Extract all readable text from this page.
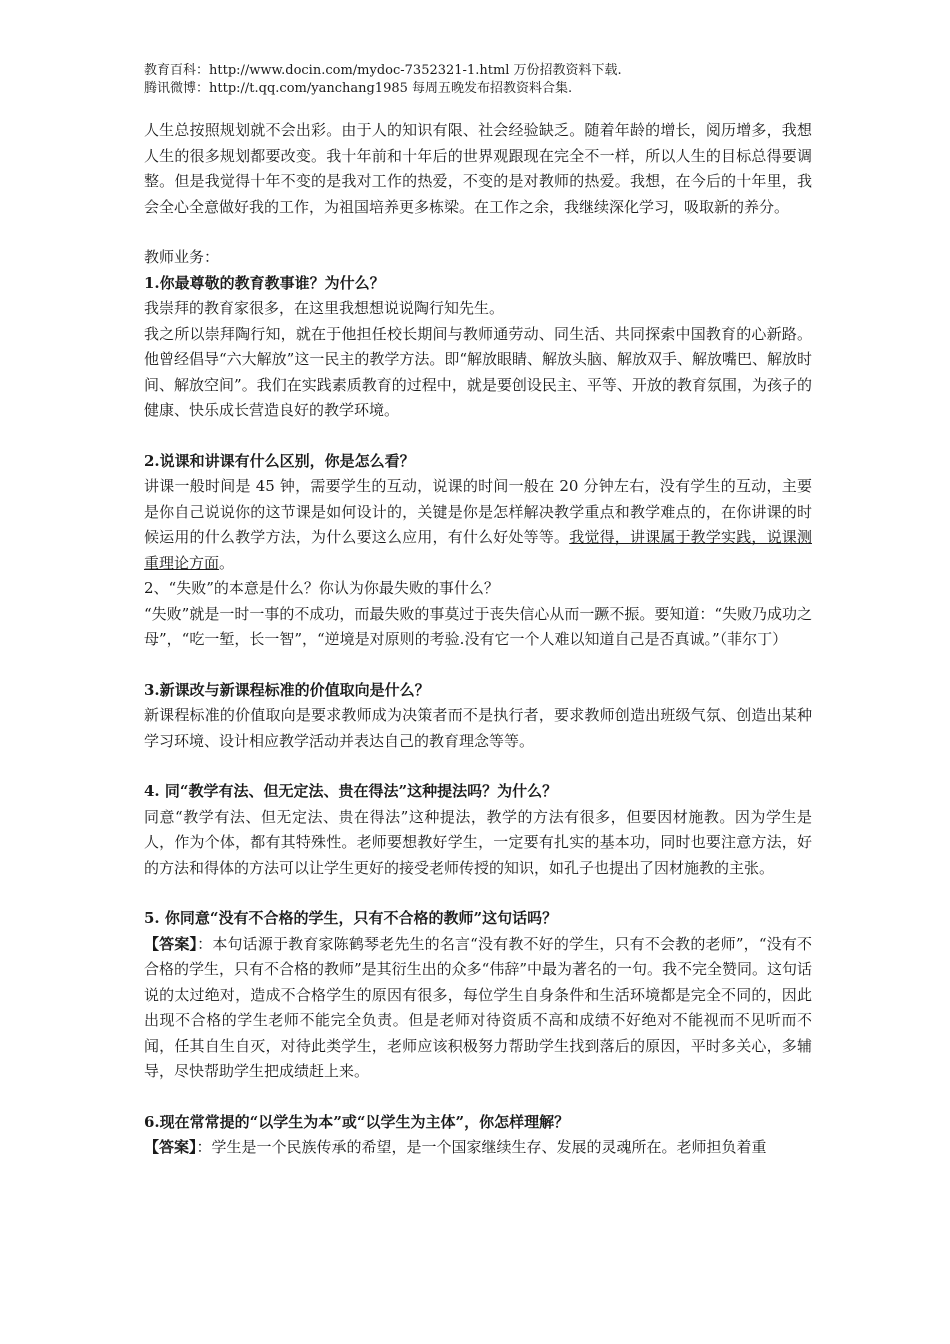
教育百科：http://www.docin.com/mydoc-7352321-1.html 万份招教资料下载.
腾讯微博：http://t.qq.com/yanchang1985 每周五晚发布招教资料合集.

人生总按照规划就不会出彩。由于人的知识有限、社会经验缺乏。随着年龄的增长，阅历增多，我想人生的很多规划都要改变。我十年前和十年后的世界观跟现在完全不一样，所以人生的目标总得要调整。但是我觉得十年不变的是我对工作的热爱，不变的是对教师的热爱。我想，在今后的十年里，我会全心全意做好我的工作，为祖国培养更多栋梁。在工作之余，我继续深化学习，吸取新的养分。

教师业务：

1.你最尊敬的教育教事谁？为什么？

我崇拜的教育家很多，在这里我想想说说陶行知先生。

我之所以崇拜陶行知，就在于他担任校长期间与教师通劳动、同生活、共同探索中国教育的心新路。他曾经倡导“六大解放”这一民主的教学方法。即“解放眼睛、解放头脑、解放双手、解放嘴巴、解放时间、解放空间”。我们在实践素质教育的过程中，就是要创设民主、平等、开放的教育氛围，为孩子的健康、快乐成长营造良好的教学环境。

2.说课和讲课有什么区别，你是怎么看？

讲课一般时间是 45 钟，需要学生的互动，说课的时间一般在 20 分钟左右，没有学生的互动，主要是你自己说说你的这节课是如何设计的，关键是你是怎样解决教学重点和教学难点的，在你讲课的时候运用的什么教学方法，为什么要这么应用，有什么好处等等。我觉得，讲课属于教学实践，说课测重理论方面。

2、“失败”的本意是什么？你认为你最失败的事什么？

“失败”就是一时一事的不成功，而最失败的事莫过于丧失信心从而一蹶不振。要知道：“失败乃成功之母”，“吃一堑，长一智”，“逆境是对原则的考验.没有它一个人难以知道自己是否真诚。”（菲尔丁）

3.新课改与新课程标准的价值取向是什么？

新课程标准的价值取向是要求教师成为决策者而不是执行者，要求教师创造出班级气氛、创造出某种学习环境、设计相应教学活动并表达自己的教育理念等等。

4. 同“教学有法、但无定法、贵在得法”这种提法吗？为什么？

同意“教学有法、但无定法、贵在得法”这种提法，教学的方法有很多，但要因材施教。因为学生是人，作为个体，都有其特殊性。老师要想教好学生，一定要有扎实的基本功，同时也要注意方法，好的方法和得体的方法可以让学生更好的接受老师传授的知识，如孔子也提出了因材施教的主张。

5. 你同意“没有不合格的学生，只有不合格的教师”这句话吗？

【答案】：本句话源于教育家陈鹤琴老先生的名言“没有教不好的学生，只有不会教的老师”，“没有不合格的学生，只有不合格的教师”是其衍生出的众多“伟辞”中最为著名的一句。我不完全赞同。这句话说的太过绝对，造成不合格学生的原因有很多，每位学生自身条件和生活环境都是完全不同的，因此出现不合格的学生老师不能完全负责。但是老师对待资质不高和成绩不好绝对不能视而不见听而不闻，任其自生自灭，对待此类学生，老师应该积极努力帮助学生找到落后的原因，平时多关心，多辅导，尽快帮助学生把成绩赶上来。

6.现在常常提的“以学生为本”或“以学生为主体”，你怎样理解？

【答案】：学生是一个民族传承的希望，是一个国家继续生存、发展的灵魂所在。老师担负着重
